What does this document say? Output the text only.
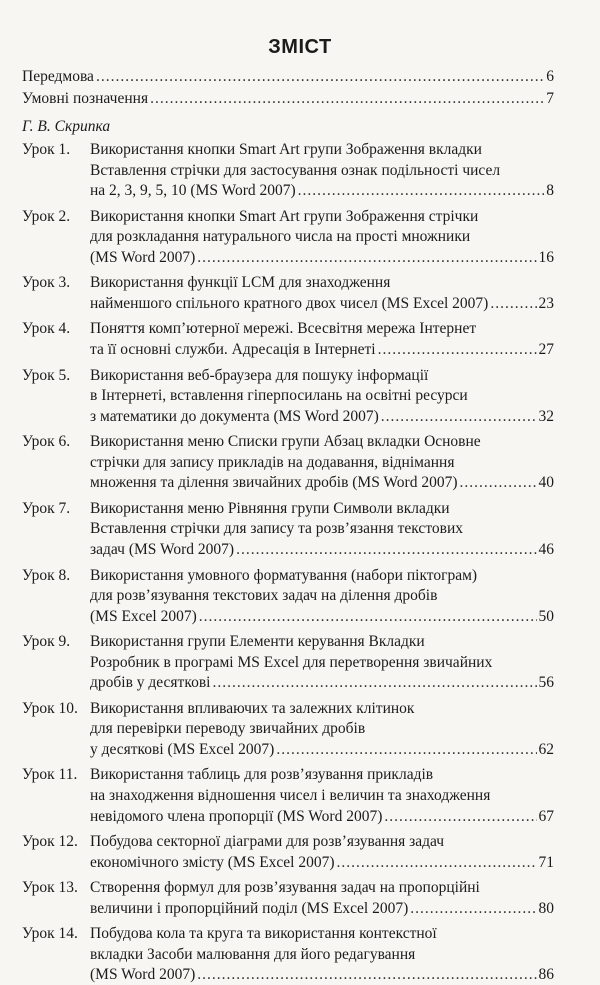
ЗМІСТ
Передмова .....	6
Умовні позначення .....	7
Г. В. Скрипка
Урок 1.	Використання кнопки Smart Art групи Зображення вкладки
Вставлення стрічки для застосування ознак подільності чисел
на 2, 3, 9, 5, 10 (MS Word 2007) .....	8
Урок 2.	Використання кнопки Smart Art групи Зображення стрічки
для розкладання натурального числа на прості множники
(MS Word 2007) .....	16
Урок 3.	Використання функції LCM для знаходження
найменшого спільного кратного двох чисел (MS Excel 2007) .....	23
Урок 4.	Поняття комп’ютерної мережі. Всесвітня мережа Інтернет
та її основні служби. Адресація в Інтернеті .....	27
Урок 5.	Використання веб-браузера для пошуку інформації
в Інтернеті, вставлення гіперпосилань на освітні ресурси
з математики до документа (MS Word 2007) .....	32
Урок 6.	Використання меню Списки групи Абзац вкладки Основне
стрічки для запису прикладів на додавання, віднімання
множення та ділення звичайних дробів (MS Word 2007) .....	40
Урок 7.	Використання меню Рівняння групи Символи вкладки
Вставлення стрічки для запису та розв’язання текстових
задач (MS Word 2007) .....	46
Урок 8.	Використання умовного форматування (набори піктограм)
для розв’язування текстових задач на ділення дробів
(MS Excel 2007) .....	50
Урок 9.	Використання групи Елементи керування Вкладки
Розробник в програмі MS Excel для перетворення звичайних
дробів у десяткові .....	56
Урок 10. Використання впливаючих та залежних клітинок
для перевірки переводу звичайних дробів
у десяткові (MS Excel 2007) .....	62
Урок 11. Використання таблиць для розв’язування прикладів
на знаходження відношення чисел і величин та знаходження
невідомого члена пропорції (MS Word 2007) .....	67
Урок 12. Побудова секторної діаграми для розв’язування задач
економічного змісту (MS Excel 2007) .....	71
Урок 13. Створення формул для розв’язування задач на пропорційні
величини і пропорційний поділ (MS Excel 2007) .....	80
Урок 14. Побудова кола та круга та використання контекстної
вкладки Засоби малювання для його редагування
(MS Word 2007) .....	86
